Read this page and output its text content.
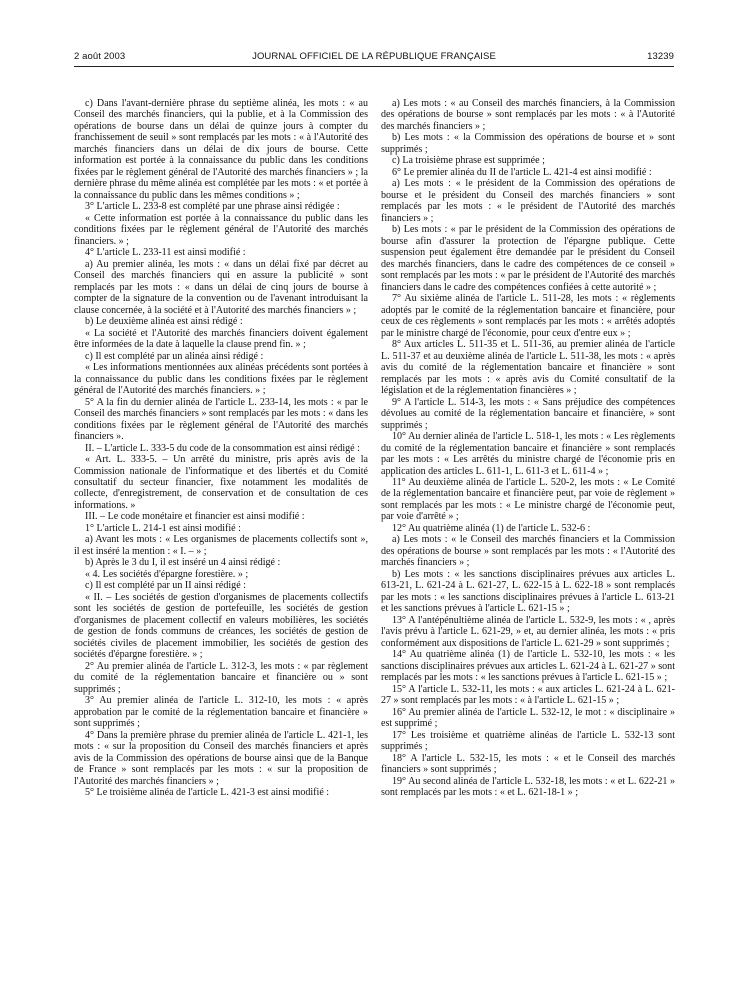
2 août 2003	JOURNAL OFFICIEL DE LA RÉPUBLIQUE FRANÇAISE	13239

c) Dans l'avant-dernière phrase du septième alinéa, les mots : « au Conseil des marchés financiers, qui la publie, et à la Commission des opérations de bourse dans un délai de quinze jours à compter du franchissement de seuil » sont remplacés par les mots : « à l'Autorité des marchés financiers dans un délai de dix jours de bourse. Cette information est portée à la connaissance du public dans les conditions fixées par le règlement général de l'Autorité des marchés financiers » ; la dernière phrase du même alinéa est complétée par les mots : « et portée à la connaissance du public dans les mêmes conditions » ;

3° L'article L. 233-8 est complété par une phrase ainsi rédigée :

« Cette information est portée à la connaissance du public dans les conditions fixées par le règlement général de l'Autorité des marchés financiers. » ;

4° L'article L. 233-11 est ainsi modifié :

a) Au premier alinéa, les mots : « dans un délai fixé par décret au Conseil des marchés financiers qui en assure la publicité » sont remplacés par les mots : « dans un délai de cinq jours de bourse à compter de la signature de la convention ou de l'avenant introduisant la clause concernée, à la société et à l'Autorité des marchés financiers » ;

b) Le deuxième alinéa est ainsi rédigé :

« La société et l'Autorité des marchés financiers doivent également être informées de la date à laquelle la clause prend fin. » ;

c) Il est complété par un alinéa ainsi rédigé :

« Les informations mentionnées aux alinéas précédents sont portées à la connaissance du public dans les conditions fixées par le règlement général de l'Autorité des marchés financiers. » ;

5° A la fin du dernier alinéa de l'article L. 233-14, les mots : « par le Conseil des marchés financiers » sont remplacés par les mots : « dans les conditions fixées par le règlement général de l'Autorité des marchés financiers ».

II. – L'article L. 333-5 du code de la consommation est ainsi rédigé :

« Art. L. 333-5. – Un arrêté du ministre, pris après avis de la Commission nationale de l'informatique et des libertés et du Comité consultatif du secteur financier, fixe notamment les modalités de collecte, d'enregistrement, de conservation et de consultation de ces informations. »

III. – Le code monétaire et financier est ainsi modifié :

1° L'article L. 214-1 est ainsi modifié :

a) Avant les mots : « Les organismes de placements collectifs sont », il est inséré la mention : « I. – » ;

b) Après le 3 du I, il est inséré un 4 ainsi rédigé :

« 4. Les sociétés d'épargne forestière. » ;

c) Il est complété par un II ainsi rédigé :

« II. – Les sociétés de gestion d'organismes de placements collectifs sont les sociétés de gestion de portefeuille, les sociétés de gestion d'organismes de placement collectif en valeurs mobilières, les sociétés de gestion de fonds communs de créances, les sociétés de gestion de sociétés civiles de placement immobilier, les sociétés de gestion des sociétés d'épargne forestière. » ;

2° Au premier alinéa de l'article L. 312-3, les mots : « par règlement du comité de la réglementation bancaire et financière ou » sont supprimés ;

3° Au premier alinéa de l'article L. 312-10, les mots : « après approbation par le comité de la réglementation bancaire et financière » sont supprimés ;

4° Dans la première phrase du premier alinéa de l'article L. 421-1, les mots : « sur la proposition du Conseil des marchés financiers et après avis de la Commission des opérations de bourse ainsi que de la Banque de France » sont remplacés par les mots : « sur la proposition de l'Autorité des marchés financiers » ;

5° Le troisième alinéa de l'article L. 421-3 est ainsi modifié :

a) Les mots : « au Conseil des marchés financiers, à la Commission des opérations de bourse » sont remplacés par les mots : « à l'Autorité des marchés financiers » ;

b) Les mots : « la Commission des opérations de bourse et » sont supprimés ;

c) La troisième phrase est supprimée ;

6° Le premier alinéa du II de l'article L. 421-4 est ainsi modifié :

a) Les mots : « le président de la Commission des opérations de bourse et le président du Conseil des marchés financiers » sont remplacés par les mots : « le président de l'Autorité des marchés financiers » ;

b) Les mots : « par le président de la Commission des opérations de bourse afin d'assurer la protection de l'épargne publique. Cette suspension peut également être demandée par le président du Conseil des marchés financiers, dans le cadre des compétences de ce conseil » sont remplacés par les mots : « par le président de l'Autorité des marchés financiers dans le cadre des compétences confiées à cette autorité » ;

7° Au sixième alinéa de l'article L. 511-28, les mots : « règlements adoptés par le comité de la réglementation bancaire et financière, pour ceux de ces règlements » sont remplacés par les mots : « arrêtés adoptés par le ministre chargé de l'économie, pour ceux d'entre eux » ;

8° Aux articles L. 511-35 et L. 511-36, au premier alinéa de l'article L. 511-37 et au deuxième alinéa de l'article L. 511-38, les mots : « après avis du comité de la réglementation bancaire et financière » sont remplacés par les mots : « après avis du Comité consultatif de la législation et de la réglementation financières » ;

9° A l'article L. 514-3, les mots : « Sans préjudice des compétences dévolues au comité de la réglementation bancaire et financière, » sont supprimés ;

10° Au dernier alinéa de l'article L. 518-1, les mots : « Les règlements du comité de la réglementation bancaire et financière » sont remplacés par les mots : « Les arrêtés du ministre chargé de l'économie pris en application des articles L. 611-1, L. 611-3 et L. 611-4 » ;

11° Au deuxième alinéa de l'article L. 520-2, les mots : « Le Comité de la réglementation bancaire et financière peut, par voie de règlement » sont remplacés par les mots : « Le ministre chargé de l'économie peut, par voie d'arrêté » ;

12° Au quatrième alinéa (1) de l'article L. 532-6 :

a) Les mots : « le Conseil des marchés financiers et la Commission des opérations de bourse » sont remplacés par les mots : « l'Autorité des marchés financiers » ;

b) Les mots : « les sanctions disciplinaires prévues aux articles L. 613-21, L. 621-24 à L. 621-27, L. 622-15 à L. 622-18 » sont remplacés par les mots : « les sanctions disciplinaires prévues à l'article L. 613-21 et les sanctions prévues à l'article L. 621-15 » ;

13° A l'antépénultième alinéa de l'article L. 532-9, les mots : « , après l'avis prévu à l'article L. 621-29, » et, au dernier alinéa, les mots : « pris conformément aux dispositions de l'article L. 621-29 » sont supprimés ;

14° Au quatrième alinéa (1) de l'article L. 532-10, les mots : « les sanctions disciplinaires prévues aux articles L. 621-24 à L. 621-27 » sont remplacés par les mots : « les sanctions prévues à l'article L. 621-15 » ;

15° A l'article L. 532-11, les mots : « aux articles L. 621-24 à L. 621-27 » sont remplacés par les mots : « à l'article L. 621-15 » ;

16° Au premier alinéa de l'article L. 532-12, le mot : « disciplinaire » est supprimé ;

17° Les troisième et quatrième alinéas de l'article L. 532-13 sont supprimés ;

18° A l'article L. 532-15, les mots : « et le Conseil des marchés financiers » sont supprimés ;

19° Au second alinéa de l'article L. 532-18, les mots : « et L. 622-21 » sont remplacés par les mots : « et L. 621-18-1 » ;
